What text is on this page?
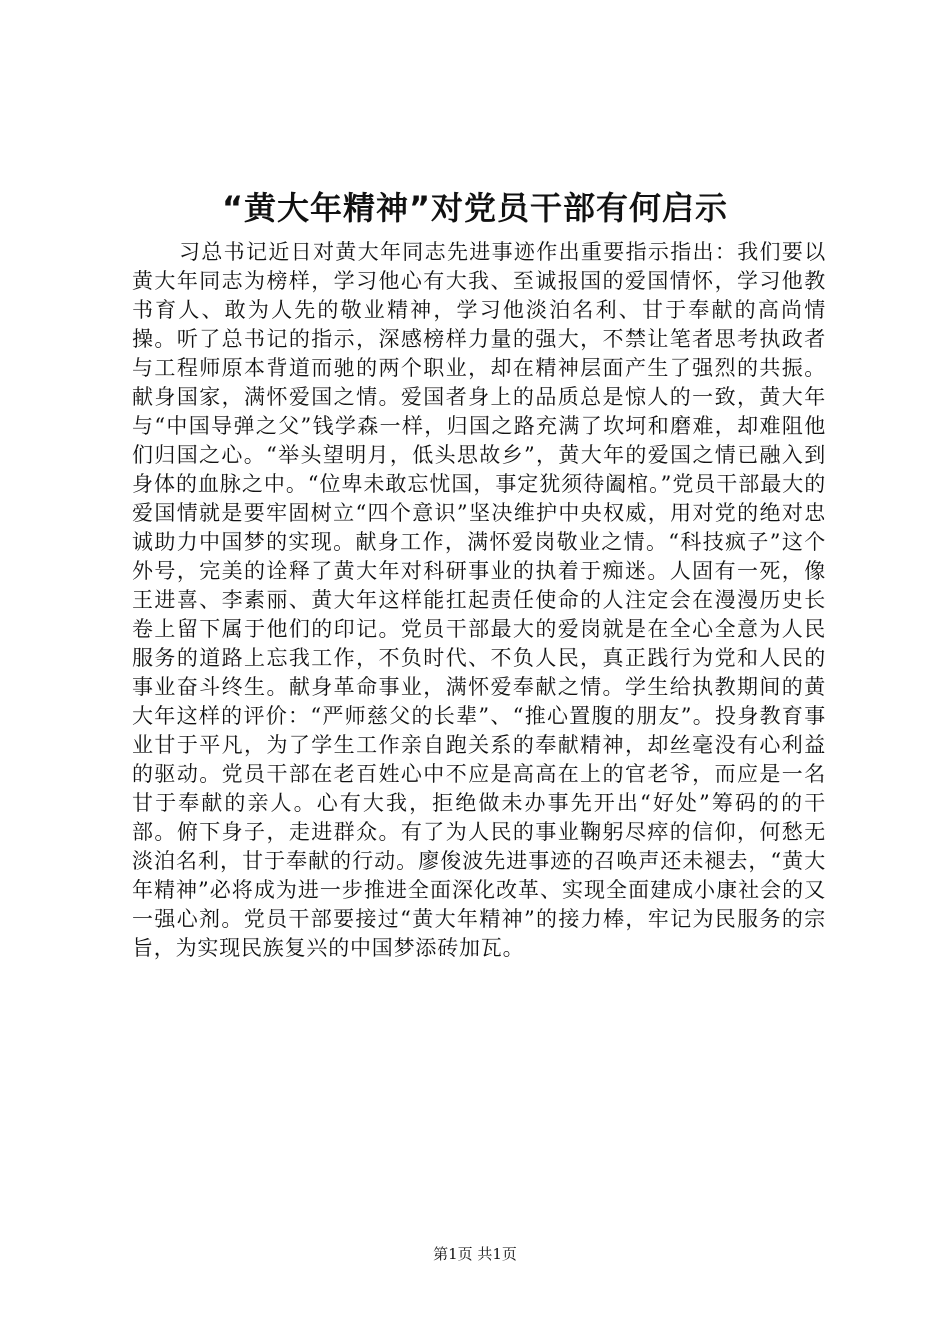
“黄大年精神”对党员干部有何启示
习总书记近日对黄大年同志先进事迹作出重要指示指出：我们要以黄大年同志为榜样，学习他心有大我、至诚报国的爱国情怀，学习他教书育人、敢为人先的敬业精神，学习他淡泊名利、甘于奉献的高尚情操。听了总书记的指示，深感榜样力量的强大，不禁让笔者思考执政者与工程师原本背道而驰的两个职业，却在精神层面产生了强烈的共振。献身国家，满怀爱国之情。爱国者身上的品质总是惊人的一致，黄大年与“中国导弹之父”钱学森一样，归国之路充满了坎坷和磨难，却难阻他们归国之心。“举头望明月，低头思故乡”，黄大年的爱国之情已融入到身体的血脉之中。“位卑未敢忘忧国，事定犹须待阖棺。”党员干部最大的爱国情就是要牢固树立“四个意识”坚决维护中央权威，用对党的绝对忠诚助力中国梦的实现。献身工作，满怀爱岗敬业之情。“科技疯子”这个外号，完美的诠释了黄大年对科研事业的执着于痴迷。人固有一死，像王进喜、李素丽、黄大年这样能扛起责任使命的人注定会在漫漫历史长卷上留下属于他们的印记。党员干部最大的爱岗就是在全心全意为人民服务的道路上忘我工作，不负时代、不负人民，真正践行为党和人民的事业奋斗终生。献身革命事业，满怀爱奉献之情。学生给执教期间的黄大年这样的评价：“严师慈父的长辈”、“推心置腹的朋友”。投身教育事业甘于平凡，为了学生工作亲自跑关系的奉献精神，却丝毫没有心利益的驱动。党员干部在老百姓心中不应是高高在上的官老爷，而应是一名甘于奉献的亲人。心有大我，拒绝做未办事先开出“好处”筹码的的干部。俯下身子，走进群众。有了为人民的事业鞠躬尽瘁的信仰，何愁无淡泊名利，甘于奉献的行动。廖俊波先进事迹的召唤声还未褪去，“黄大年精神”必将成为进一步推进全面深化改革、实现全面建成小康社会的又一强心剂。党员干部要接过“黄大年精神”的接力棒，牢记为民服务的宗旨，为实现民族复兴的中国梦添砖加瓦。
第1页 共1页
